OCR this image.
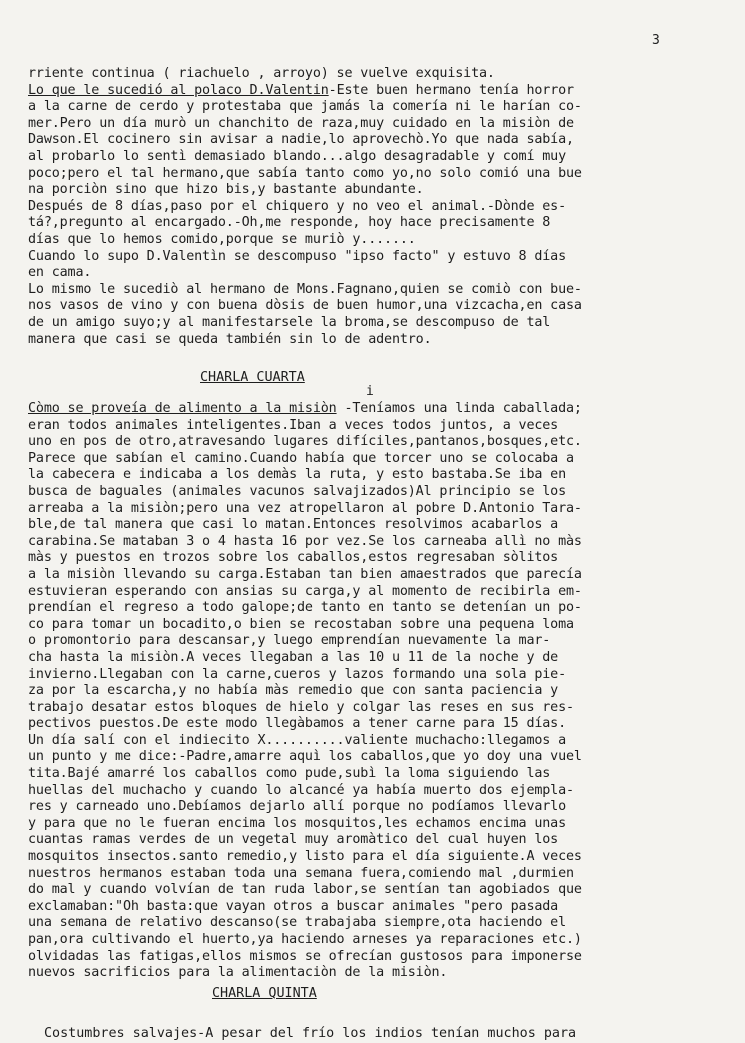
3
rriente continua ( riachuelo , arroyo) se vuelve exquisita.
Lo que le sucedió al polaco D.Valentin-Este buen hermano tenía horror
a la carne de cerdo y protestaba que jamás la comería ni le harían co-
mer.Pero un día murò un chanchito de raza,muy cuidado en la misiòn de
Dawson.El cocinero sin avisar a nadie,lo aprovechò.Yo que nada sabía,
al probarlo lo sentì demasiado blando...algo desagradable y comí muy
poco;pero el tal hermano,que sabía tanto como yo,no solo comió una bue
na porciòn sino que hizo bis,y bastante abundante.
Después de 8 días,paso por el chiquero y no veo el animal.-Dònde es-
tá?,pregunto al encargado.-Oh,me responde, hoy hace precisamente 8
días que lo hemos comido,porque se muriò y.......
Cuando lo supo D.Valentìn se descompuso "ipso facto" y estuvo 8 días
en cama.
Lo mismo le sucediò al hermano de Mons.Fagnano,quien se comiò con bue-
nos vasos de vino y con buena dòsis de buen humor,una vizcacha,en casa
de un amigo suyo;y al manifestarsele la broma,se descompuso de tal
manera que casi se queda también sin lo de adentro.
CHARLA CUARTA
i
Còmo se proveía de alimento a la misiòn -Teníamos una linda caballada;
eran todos animales inteligentes.Iban a veces todos juntos, a veces
uno en pos de otro,atravesando lugares difíciles,pantanos,bosques,etc.
Parece que sabían el camino.Cuando había que torcer uno se colocaba a
la cabecera e indicaba a los demàs la ruta, y esto bastaba.Se iba en
busca de baguales (animales vacunos salvajizados)Al principio se los
arreaba a la misiòn;pero una vez atropellaron al pobre D.Antonio Tara-
ble,de tal manera que casi lo matan.Entonces resolvimos acabarlos a
carabina.Se mataban 3 o 4 hasta 16 por vez.Se los carneaba allì no màs
màs y puestos en trozos sobre los caballos,estos regresaban sòlitos
a la misiòn llevando su carga.Estaban tan bien amaestrados que parecía
estuvieran esperando con ansias su carga,y al momento de recibirla em-
prendían el regreso a todo galope;de tanto en tanto se detenían un po-
co para tomar un bocadito,o bien se recostaban sobre una pequena loma
o promontorio para descansar,y luego emprendían nuevamente la mar-
cha hasta la misiòn.A veces llegaban a las 10 u 11 de la noche y de
invierno.Llegaban con la carne,cueros y lazos formando una sola pie-
za por la escarcha,y no había màs remedio que con santa paciencia y
trabajo desatar estos bloques de hielo y colgar las reses en sus res-
pectivos puestos.De este modo llegàbamos a tener carne para 15 días.
Un día salí con el indiecito X..........valiente muchacho:llegamos a
un punto y me dice:-Padre,amarre aquì los caballos,que yo doy una vuel
tita.Bajé amarré los caballos como pude,subì la loma siguiendo las
huellas del muchacho y cuando lo alcancé ya había muerto dos ejempla-
res y carneado uno.Debíamos dejarlo allí porque no podíamos llevarlo
y para que no le fueran encima los mosquitos,les echamos encima unas
cuantas ramas verdes de un vegetal muy aromàtico del cual huyen los
mosquitos insectos.santo remedio,y listo para el día siguiente.A veces
nuestros hermanos estaban toda una semana fuera,comiendo mal ,durmien
do mal y cuando volvían de tan ruda labor,se sentían tan agobiados que
exclamaban:"Oh basta:que vayan otros a buscar animales "pero pasada
una semana de relativo descanso(se trabajaba siempre,ota haciendo el
pan,ora cultivando el huerto,ya haciendo arneses ya reparaciones etc.)
olvidadas las fatigas,ellos mismos se ofrecían gustosos para imponerse
nuevos sacrificios para la alimentaciòn de la misiòn.
CHARLA QUINTA
Costumbres salvajes-A pesar del frío los indios tenían muchos para
